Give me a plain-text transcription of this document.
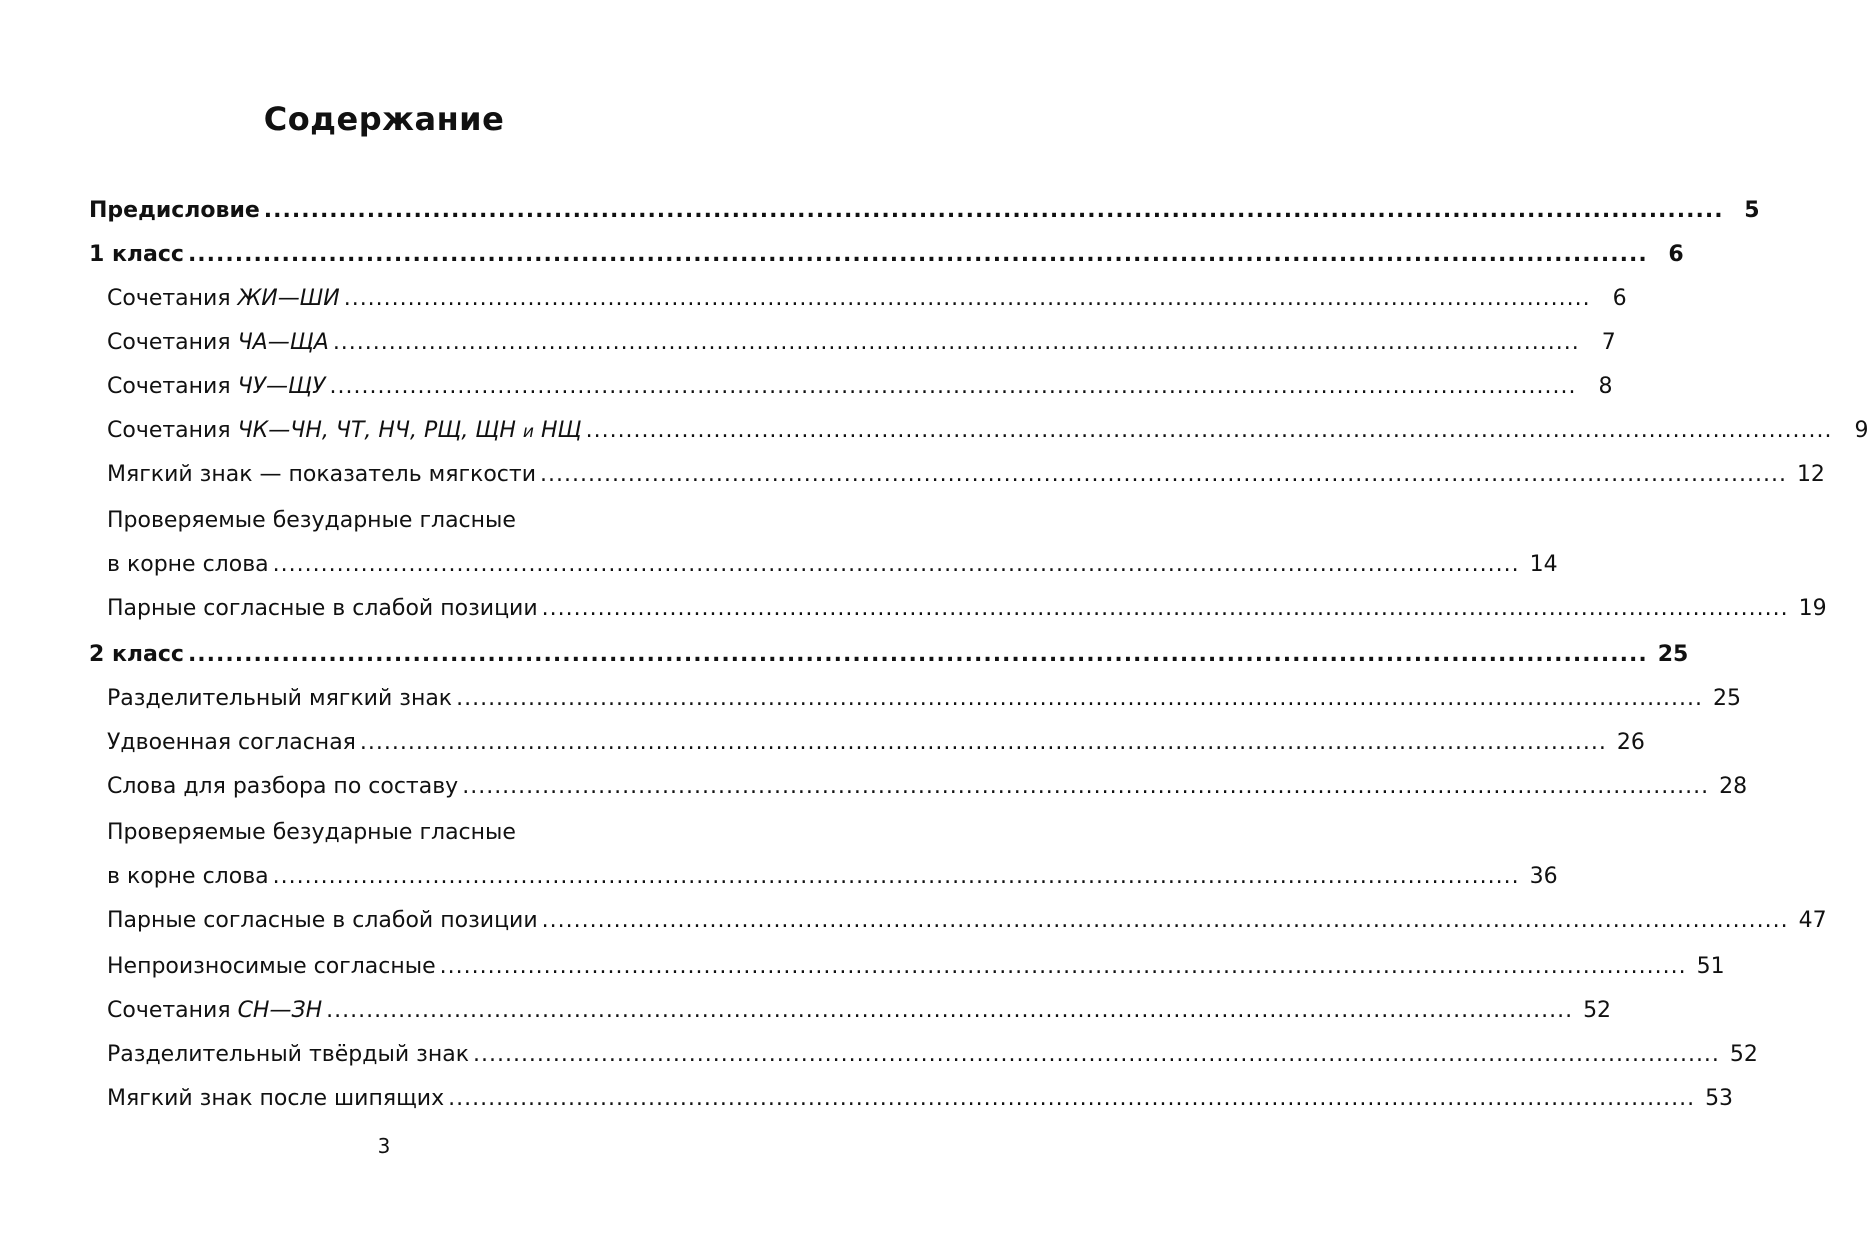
Содержание
Предисловие ............................................................................................................................................................ 5
1 класс ............................................................................................................................................................ 6
Сочетания ЖИ—ШИ ............................................................................................................................................................	6
Сочетания ЧА—ЩА ............................................................................................................................................................	7
Сочетания ЧУ—ЩУ ............................................................................................................................................................	8
Сочетания ЧК—ЧН, ЧТ, НЧ, РЩ, ЩН и НЩ ............................................................................................................................................................	9
Мягкий знак — показатель мягкости ............................................................................................................................................................ 12
Проверяемые безударные гласные
в корне слова ............................................................................................................................................................ 14
Парные согласные в слабой позиции ............................................................................................................................................................ 19
2 класс ............................................................................................................................................................ 25
Разделительный мягкий знак ............................................................................................................................................................ 25
Удвоенная согласная ............................................................................................................................................................ 26
Слова для разбора по составу ............................................................................................................................................................ 28
Проверяемые безударные гласные
в корне слова ............................................................................................................................................................ 36
Парные согласные в слабой позиции ............................................................................................................................................................ 47
Непроизносимые согласные ............................................................................................................................................................ 51
Сочетания СН—ЗН ............................................................................................................................................................ 52
Разделительный твёрдый знак ............................................................................................................................................................ 52
Мягкий знак после шипящих ............................................................................................................................................................ 53
3
